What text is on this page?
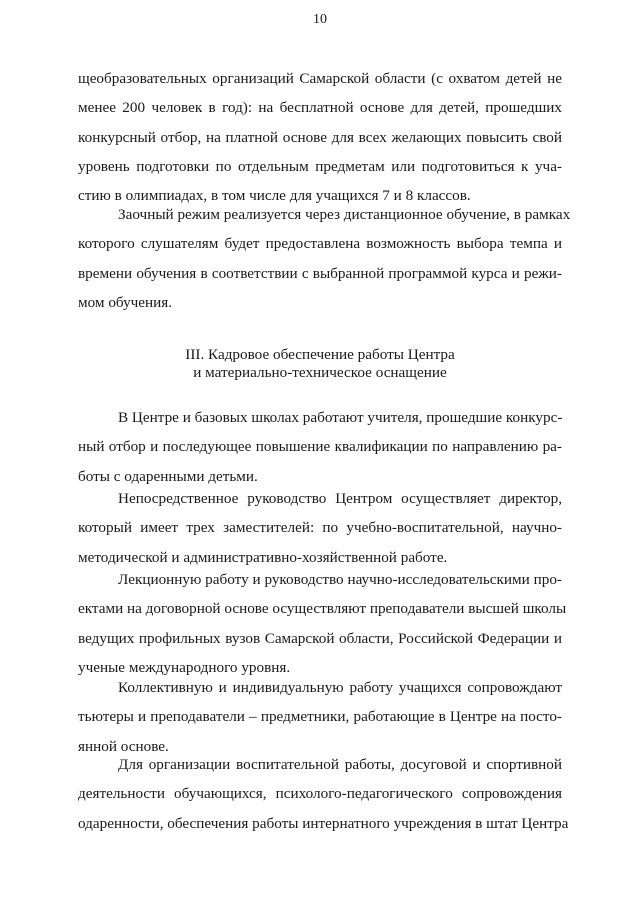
10
щеобразовательных организаций Самарской области (с охватом детей не
менее 200 человек в год): на бесплатной основе для детей, прошедших
конкурсный отбор, на платной основе для всех желающих повысить свой
уровень подготовки по отдельным предметам или подготовиться к уча-
стию в олимпиадах, в том числе для учащихся 7 и 8 классов.
Заочный режим реализуется через дистанционное обучение, в рамках
которого слушателям будет предоставлена возможность выбора темпа и
времени обучения в соответствии с выбранной программой курса и режи-
мом обучения.
III. Кадровое обеспечение работы Центра
и материально-техническое оснащение
В Центре и базовых школах работают учителя, прошедшие конкурс-
ный отбор и последующее повышение квалификации по направлению ра-
боты с одаренными детьми.
Непосредственное руководство Центром осуществляет директор,
который имеет трех заместителей: по учебно-воспитательной, научно-
методической и административно-хозяйственной работе.
Лекционную работу и руководство научно-исследовательскими про-
ектами на договорной основе осуществляют преподаватели высшей школы
ведущих профильных вузов Самарской области, Российской Федерации и
ученые международного уровня.
Коллективную и индивидуальную работу учащихся сопровождают
тьютеры и преподаватели – предметники, работающие в Центре на посто-
янной основе.
Для организации воспитательной работы, досуговой и спортивной
деятельности обучающихся, психолого-педагогического сопровождения
одаренности, обеспечения работы интернатного учреждения в штат Центра
